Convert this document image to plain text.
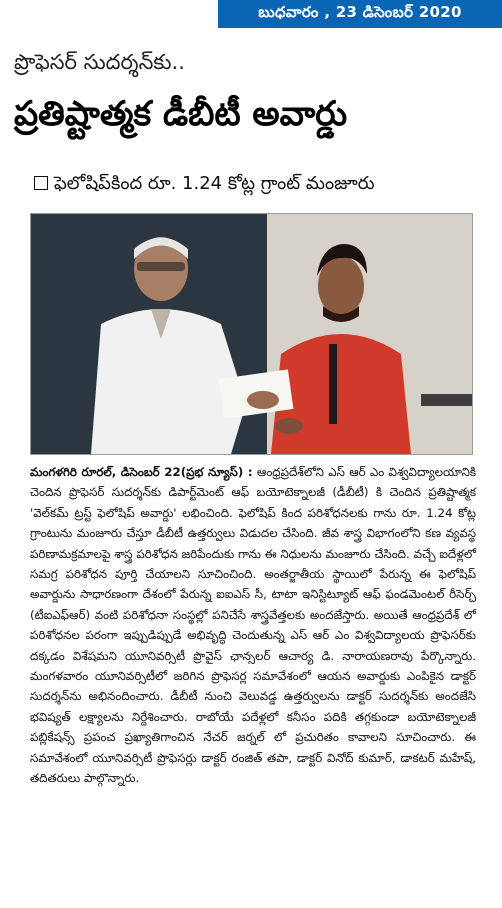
బుధవారం , 23 డిసెంబర్ 2020
ప్రొఫెసర్ సుదర్శన్‌కు..
ప్రతిష్టాత్మక డీబీటీ అవార్డు
ఫెలోషిప్‌కింద రూ. 1.24 కోట్ల గ్రాంట్ మంజూరు
మంగళగిరి రూరల్, డిసెంబర్ 22(ప్రభ న్యూస్) : ఆంధ్రప్రదేశ్‌లోని ఎస్ ఆర్ ఎం విశ్వవిద్యాలయానికి చెందిన ప్రొఫెసర్ సుదర్శన్‌కు డిపార్ట్‌మెంట్ ఆఫ్ బయోటెక్నాలజీ (డీబీటీ) కి చెందిన ప్రతిష్టాత్మక 'వెల్‌కమ్ ట్రస్ట్ ఫెలోషిప్ అవార్డు' లభించింది. ఫెలోషిప్ కింద పరిశోధనలకు గాను రూ. 1.24 కోట్ల గ్రాంటును మంజూరు చేస్తూ డీబీటీ ఉత్తర్వులు విడుదల చేసింది. జీవ శాస్త్ర విభాగంలోని కణ వ్యవస్థ పరిణామక్రమాలపై శాస్త్ర పరిశోధన జరిపేందుకు గాను ఈ నిధులను మంజూరు చేసింది. వచ్చే ఐదేళ్లలో సమగ్ర పరిశోధన పూర్తి చేయాలని సూచించింది. అంతర్జాతీయ స్థాయిలో పేరున్న ఈ ఫెలోషిప్ అవార్డును సాధారణంగా దేశంలో పేరున్న ఐఐఎస్ సీ, టాటా ఇనిస్టిట్యూట్ ఆఫ్ ఫండమెంటల్ రీసెర్చ్ (టీఐఎఫ్ఆర్) వంటి పరిశోధనా సంస్థల్లో పనిచేసే శాస్త్రవేత్తలకు అందజేస్తారు. అయితే ఆంధ్రప్రదేశ్ లో పరిశోధనల పరంగా ఇప్పుడిప్పుడే అభివృద్ధి చెందుతున్న ఎస్ ఆర్ ఎం విశ్వవిద్యాలయ ప్రొఫెసర్‌కు దక్కడం విశేషమని యూనివర్సిటీ ప్రొవైస్ ఛాన్సలర్ ఆచార్య డి. నారాయణరావు పేర్కొన్నారు. మంగళవారం యూనివర్సిటీలో జరిగిన ప్రొఫెసర్ల సమావేశంలో ఆయన అవార్డుకు ఎంపికైన డాక్టర్ సుదర్శన్‌ను అభినందించారు. డీబీటీ నుంచి వెలువడ్డ ఉత్తర్వులను డాక్టర్ సుదర్శన్‌కు అందజేసి భవిష్యత్ లక్ష్యాలను నిర్దేశించారు. రాబోయే పదేళ్లలో కనీసం పదికి తగ్గకుండా బయోటెక్నాలజీ పబ్లికేషన్స్ ప్రపంచ ప్రఖ్యాతిగాంచిన నేచర్ జర్నల్ లో ప్రచురితం కావాలని సూచించారు. ఈ సమావేశంలో యూనివర్సిటీ ప్రొఫెసర్లు డాక్టర్ రంజిత్ తపా, డాక్టర్ వినోద్ కుమార్, డాకటర్ మహేష్, తదితరులు పాల్గొన్నారు.
